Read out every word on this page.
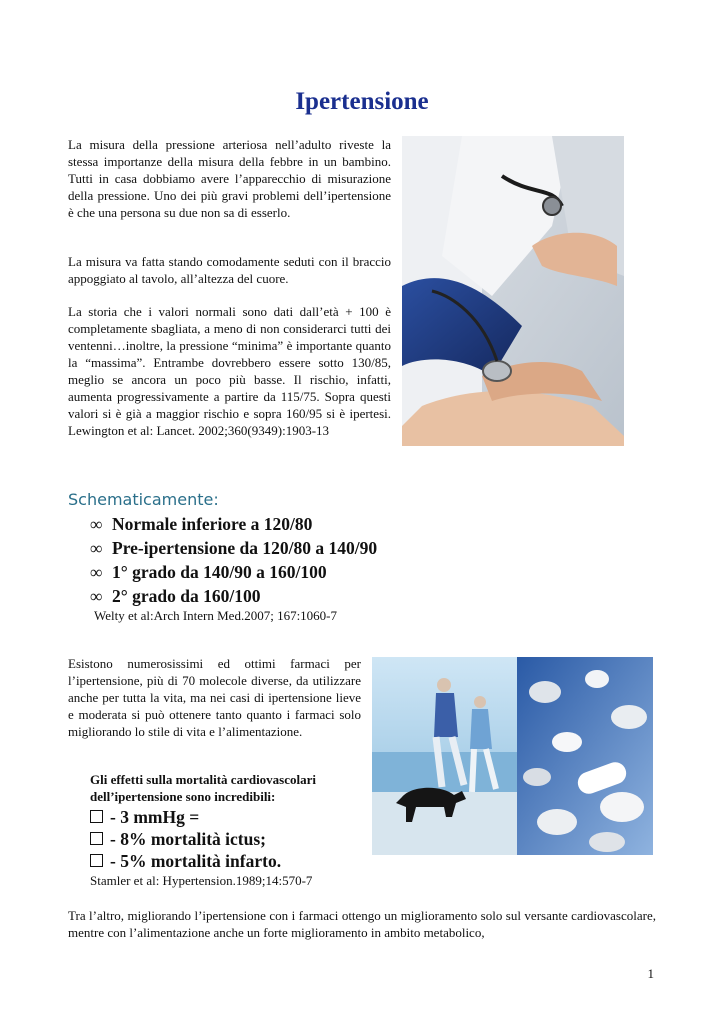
Ipertensione

La misura della pressione arteriosa nell’adulto riveste la stessa importanze della misura della febbre in un bambino. Tutti in casa dobbiamo avere l’apparecchio di misurazione della pressione. Uno dei più gravi problemi dell’ipertensione è che una persona su due non sa di esserlo.

La misura va fatta stando comodamente seduti con il braccio appoggiato al tavolo, all’altezza del cuore.

La storia che i valori normali sono dati dall’età + 100 è completamente sbagliata, a meno di non considerarci tutti dei ventenni…inoltre, la pressione “minima” è importante quanto la “massima”. Entrambe dovrebbero essere sotto 130/85, meglio se ancora un poco più basse. Il rischio, infatti, aumenta progressivamente a partire da 115/75. Sopra questi valori si è già a maggior rischio e sopra 160/95 si è ipertesi. Lewington et al: Lancet. 2002;360(9349):1903-13

Schematicamente:
∞ Normale inferiore a 120/80
∞ Pre-ipertensione da 120/80 a 140/90
∞ 1° grado da 140/90 a 160/100
∞ 2° grado da 160/100
Welty et al:Arch Intern Med.2007; 167:1060-7

Esistono numerosissimi ed ottimi farmaci per l’ipertensione, più di 70 molecole diverse, da utilizzare anche per tutta la vita, ma nei casi di ipertensione lieve e moderata si può ottenere tanto quanto i farmaci solo migliorando lo stile di vita e l’alimentazione.

Gli effetti sulla mortalità cardiovascolari dell’ipertensione sono incredibili:

- 3 mmHg =
- 8% mortalità ictus;
- 5% mortalità infarto.
Stamler et al: Hypertension.1989;14:570-7

Tra l’altro, migliorando l’ipertensione con i farmaci ottengo un miglioramento solo sul versante cardiovascolare, mentre con l’alimentazione anche un forte miglioramento in ambito metabolico,

1
